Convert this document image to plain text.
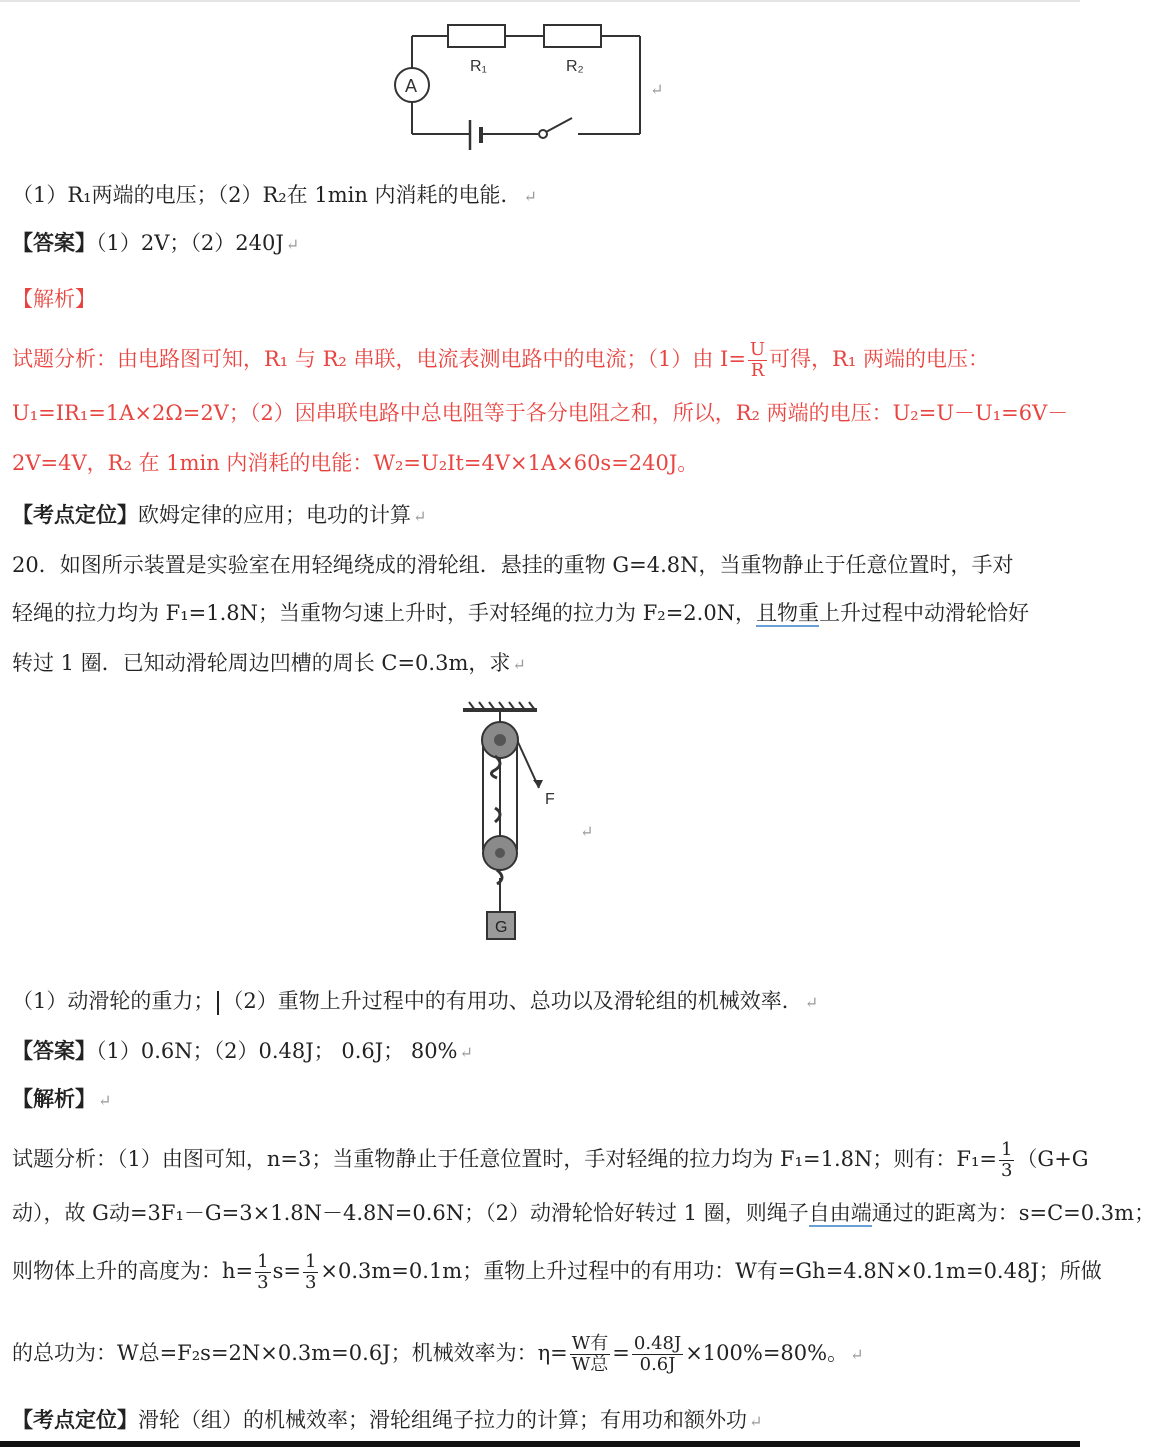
R₁	R₂
A	↵
（1）R₁两端的电压；（2）R₂在 1min 内消耗的电能． ↵
【答案】（1）2V；（2）240J ↵
【解析】
试题分析：由电路图可知，R₁ 与 R₂ 串联，电流表测电路中的电流；（1）由 $I= \frac{U}{R}$ 可得，R₁ 两端的电压：
U₁=IR₁=1A×2Ω=2V；（2）因串联电路中总电阻等于各分电阻之和，所以，R₂ 两端的电压：U₂=U－U₁=6V－
2V=4V，R₂ 在 1min 内消耗的电能：W₂=U₂It=4V×1A×60s=240J。
【考点定位】欧姆定律的应用；电功的计算 ↵
20．如图所示装置是实验室在用轻绳绕成的滑轮组．悬挂的重物 G=4.8N，当重物静止于任意位置时，手对
轻绳的拉力均为 F₁=1.8N；当重物匀速上升时，手对轻绳的拉力为 F₂=2.0N，且物重上升过程中动滑轮恰好
转过 1 圈．已知动滑轮周边凹槽的周长 C=0.3m，求 ↵
F
G
↵
（1）动滑轮的重力； （2）重物上升过程中的有用功、总功以及滑轮组的机械效率． ↵
【答案】（1）0.6N；（2）0.48J； 0.6J； 80% ↵
【解析】 ↵
试题分析：（1）由图可知，n=3；当重物静止于任意位置时，手对轻绳的拉力均为 F₁=1.8N；则有：$F_1= \frac{1}{3} (G+G$
动），故 G动=3F₁－G=3×1.8N－4.8N=0.6N；（2）动滑轮恰好转过 1 圈，则绳子自由端通过的距离为：s=C=0.3m；
则物体上升的高度为：$h= \frac{1}{3} s= \frac{1}{3} \times 0.3m=0.1m$；重物上升过程中的有用功：W有=Gh=4.8N×0.1m=0.48J；所做
的总功为：W总=F₂s=2N×0.3m=0.6J；机械效率为：$\eta= \frac{\text{W有}}{\text{W总}} = \frac{0.48J}{0.6J} \times 100\%=80\%$。 ↵
【考点定位】滑轮（组）的机械效率；滑轮组绳子拉力的计算；有用功和额外功 ↵
